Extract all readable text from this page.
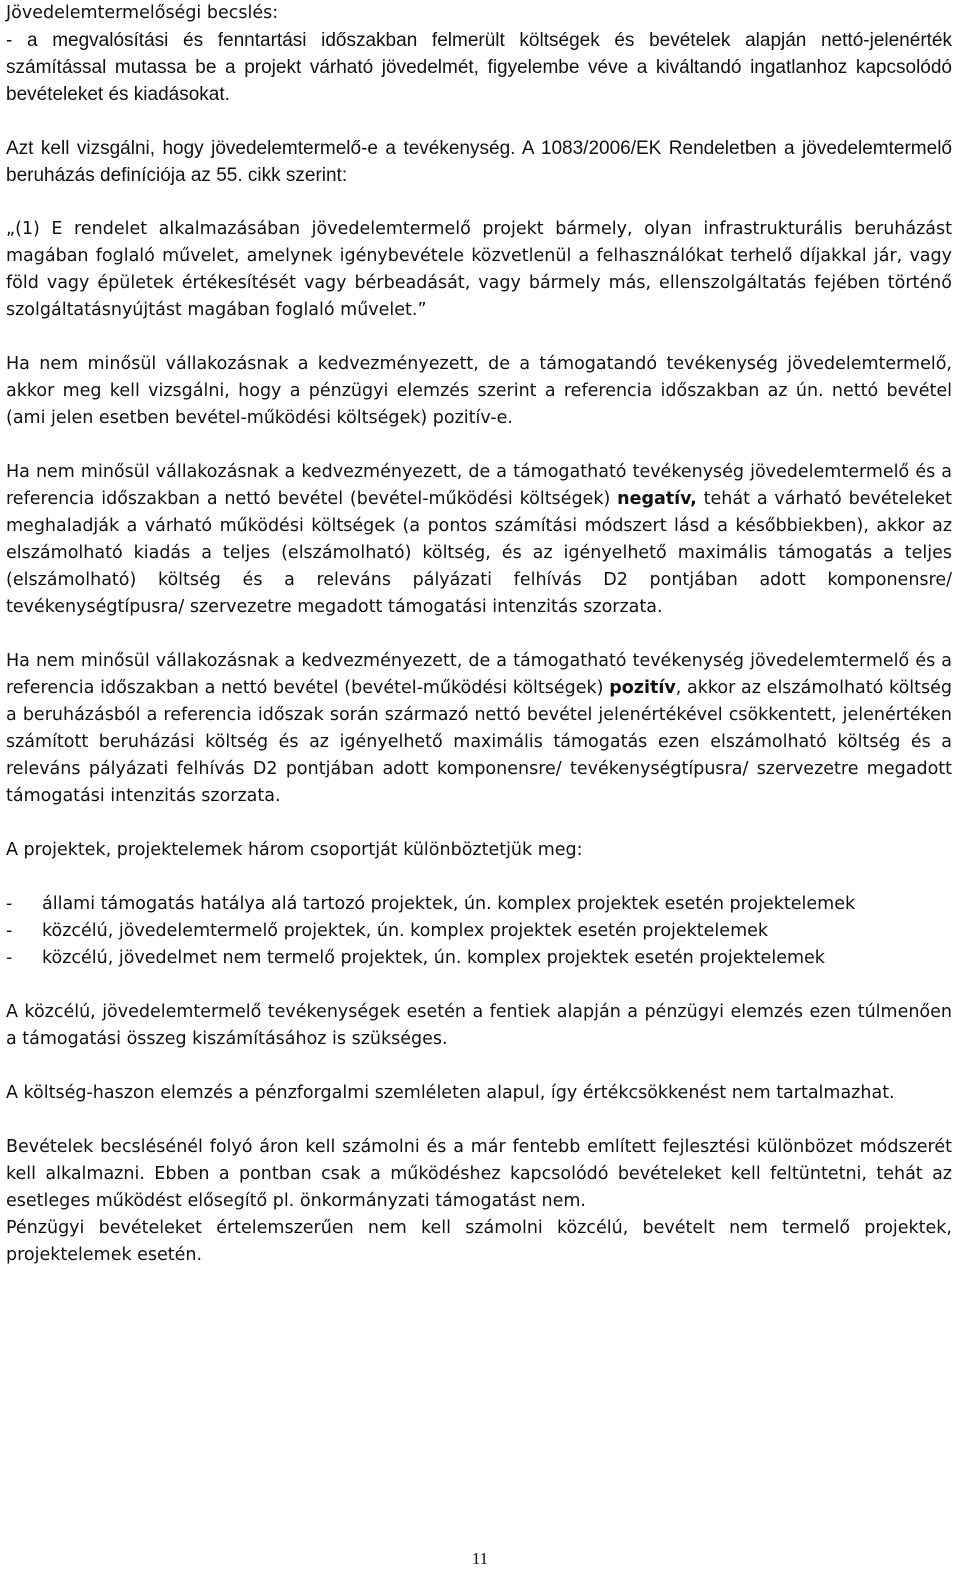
Jövedelemtermelőségi becslés:

- a megvalósítási és fenntartási időszakban felmerült költségek és bevételek alapján nettó-jelenérték számítással mutassa be a projekt várható jövedelmét, figyelembe véve a kiváltandó ingatlanhoz kapcsolódó bevételeket és kiadásokat.

Azt kell vizsgálni, hogy jövedelemtermelő-e a tevékenység. A 1083/2006/EK Rendeletben a jövedelemtermelő beruházás definíciója az 55. cikk szerint:

„(1) E rendelet alkalmazásában jövedelemtermelő projekt bármely, olyan infrastrukturális beruházást magában foglaló művelet, amelynek igénybevétele közvetlenül a felhasználókat terhelő díjakkal jár, vagy föld vagy épületek értékesítését vagy bérbeadását, vagy bármely más, ellenszolgáltatás fejében történő szolgáltatásnyújtást magában foglaló művelet.”

Ha nem minősül vállakozásnak a kedvezményezett, de a támogatandó tevékenység jövedelemtermelő, akkor meg kell vizsgálni, hogy a pénzügyi elemzés szerint a referencia időszakban az ún. nettó bevétel (ami jelen esetben bevétel-működési költségek) pozitív-e.

Ha nem minősül vállakozásnak a kedvezményezett, de a támogatható tevékenység jövedelemtermelő és a referencia időszakban a nettó bevétel (bevétel-működési költségek) negatív, tehát a várható bevételeket meghaladják a várható működési költségek (a pontos számítási módszert lásd a későbbiekben), akkor az elszámolható kiadás a teljes (elszámolható) költség, és az igényelhető maximális támogatás a teljes (elszámolható) költség és a releváns pályázati felhívás D2 pontjában adott komponensre/ tevékenységtípusra/ szervezetre megadott támogatási intenzitás szorzata.

Ha nem minősül vállakozásnak a kedvezményezett, de a támogatható tevékenység jövedelemtermelő és a referencia időszakban a nettó bevétel (bevétel-működési költségek) pozitív, akkor az elszámolható költség a beruházásból a referencia időszak során származó nettó bevétel jelenértékével csökkentett, jelenértéken számított beruházási költség és az igényelhető maximális támogatás ezen elszámolható költség és a releváns pályázati felhívás D2 pontjában adott komponensre/ tevékenységtípusra/ szervezetre megadott támogatási intenzitás szorzata.

A projektek, projektelemek három csoportját különböztetjük meg:

-	állami támogatás hatálya alá tartozó projektek, ún. komplex projektek esetén projektelemek
-	közcélú, jövedelemtermelő projektek, ún. komplex projektek esetén projektelemek
-	közcélú, jövedelmet nem termelő projektek, ún. komplex projektek esetén projektelemek

A közcélú, jövedelemtermelő tevékenységek esetén a fentiek alapján a pénzügyi elemzés ezen túlmenően a támogatási összeg kiszámításához is szükséges.

A költség-haszon elemzés a pénzforgalmi szemléleten alapul, így értékcsökkenést nem tartalmazhat.

Bevételek becslésénél folyó áron kell számolni és a már fentebb említett fejlesztési különbözet módszerét kell alkalmazni. Ebben a pontban csak a működéshez kapcsolódó bevételeket kell feltüntetni, tehát az esetleges működést elősegítő pl. önkormányzati támogatást nem.

Pénzügyi bevételeket értelemszerűen nem kell számolni közcélú, bevételt nem termelő projektek, projektelemek esetén.

11
